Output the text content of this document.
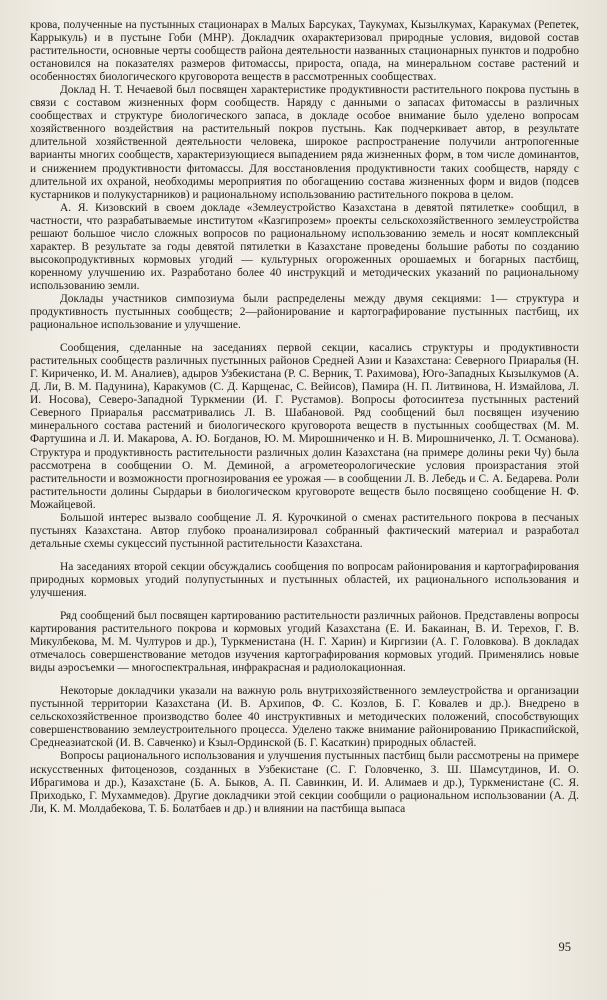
крова, полученные на пустынных стационарах в Малых Барсуках, Таукумах, Кызылкумах, Каракумах (Репетек, Каррыкуль) и в пустыне Гоби (МНР). Докладчик охарактеризовал природные условия, видовой состав растительности, основные черты сообществ района деятельности названных стационарных пунктов и подробно остановился на показателях размеров фитомассы, прироста, опада, на минеральном составе растений и особенностях биологического круговорота веществ в рассмотренных сообществах.

Доклад Н. Т. Нечаевой был посвящен характеристике продуктивности растительного покрова пустынь в связи с составом жизненных форм сообществ. Наряду с данными о запасах фитомассы в различных сообществах и структуре биологического запаса, в докладе особое внимание было уделено вопросам хозяйственного воздействия на растительный покров пустынь. Как подчеркивает автор, в результате длительной хозяйственной деятельности человека, широкое распространение получили антропогенные варианты многих сообществ, характеризующиеся выпадением ряда жизненных форм, в том числе доминантов, и снижением продуктивности фитомассы. Для восстановления продуктивности таких сообществ, наряду с длительной их охраной, необходимы мероприятия по обогащению состава жизненных форм и видов (подсев кустарников и полукустарников) и рациональному использованию растительного покрова в целом.

А. Я. Кизовский в своем докладе «Землеустройство Казахстана в девятой пятилетке» сообщил, в частности, что разрабатываемые институтом «Казгипрозем» проекты сельскохозяйственного землеустройства решают большое число сложных вопросов по рациональному использованию земель и носят комплексный характер. В результате за годы девятой пятилетки в Казахстане проведены большие работы по созданию высокопродуктивных кормовых угодий — культурных огороженных орошаемых и богарных пастбищ, коренному улучшению их. Разработано более 40 инструкций и методических указаний по рациональному использованию земли.

Доклады участников симпозиума были распределены между двумя секциями: 1— структура и продуктивность пустынных сообществ; 2—районирование и картографирование пустынных пастбищ, их рациональное использование и улучшение.

Сообщения, сделанные на заседаниях первой секции, касались структуры и продуктивности растительных сообществ различных пустынных районов Средней Азии и Казахстана: Северного Приаралья (Н. Г. Кириченко, И. М. Аналиев), адыров Узбекистана (Р. С. Верник, Т. Рахимова), Юго-Западных Кызылкумов (А. Д. Ли, В. М. Падунина), Каракумов (С. Д. Карщенас, С. Вейисов), Памира (Н. П. Литвинова, Н. Измайлова, Л. И. Носова), Северо-Западной Туркмении (И. Г. Рустамов). Вопросы фотосинтеза пустынных растений Северного Приаралья рассматривались Л. В. Шабановой. Ряд сообщений был посвящен изучению минерального состава растений и биологического круговорота веществ в пустынных сообществах (М. М. Фартушина и Л. И. Макарова, А. Ю. Богданов, Ю. М. Мирошниченко и Н. В. Мирошниченко, Л. Т. Османова). Структура и продуктивность растительности различных долин Казахстана (на примере долины реки Чу) была рассмотрена в сообщении О. М. Деминой, а агрометеорологические условия произрастания этой растительности и возможности прогнозирования ее урожая — в сообщении Л. В. Лебедь и С. А. Бедарева. Роли растительности долины Сырдарьи в биологическом круговороте веществ было посвящено сообщение Н. Ф. Можайцевой.

Большой интерес вызвало сообщение Л. Я. Курочкиной о сменах растительного покрова в песчаных пустынях Казахстана. Автор глубоко проанализировал собранный фактический материал и разработал детальные схемы сукцессий пустынной растительности Казахстана.

На заседаниях второй секции обсуждались сообщения по вопросам районирования и картографирования природных кормовых угодий полупустынных и пустынных областей, их рационального использования и улучшения.

Ряд сообщений был посвящен картированию растительности различных районов. Представлены вопросы картирования растительного покрова и кормовых угодий Казахстана (Е. И. Бакаинан, В. И. Терехов, Г. В. Микулбекова, М. М. Чултуров и др.), Туркменистана (Н. Г. Харин) и Киргизии (А. Г. Головкова). В докладах отмечалось совершенствование методов изучения картографирования кормовых угодий. Применялись новые виды аэросъемки — многоспектральная, инфракрасная и радиолокационная.

Некоторые докладчики указали на важную роль внутрихозяйственного землеустройства и организации пустынной территории Казахстана (И. В. Архипов, Ф. С. Козлов, Б. Г. Ковалев и др.). Внедрено в сельскохозяйственное производство более 40 инструктивных и методических положений, способствующих совершенствованию землеустроительного процесса. Уделено также внимание районированию Прикаспийской, Среднеазиатской (И. В. Савченко) и Кзыл-Ординской (Б. Г. Касаткин) природных областей.

Вопросы рационального использования и улучшения пустынных пастбищ были рассмотрены на примере искусственных фитоценозов, созданных в Узбекистане (С. Г. Головченко, З. Ш. Шамсутдинов, И. О. Ибрагимова и др.), Казахстане (Б. А. Быков, А. П. Савинкин, И. И. Алимаев и др.), Туркменистане (С. Я. Приходько, Г. Мухаммедов). Другие докладчики этой секции сообщили о рациональном использовании (А. Д. Ли, К. М. Молдабекова, Т. Б. Болатбаев и др.) и влиянии на пастбища выпаса

95
